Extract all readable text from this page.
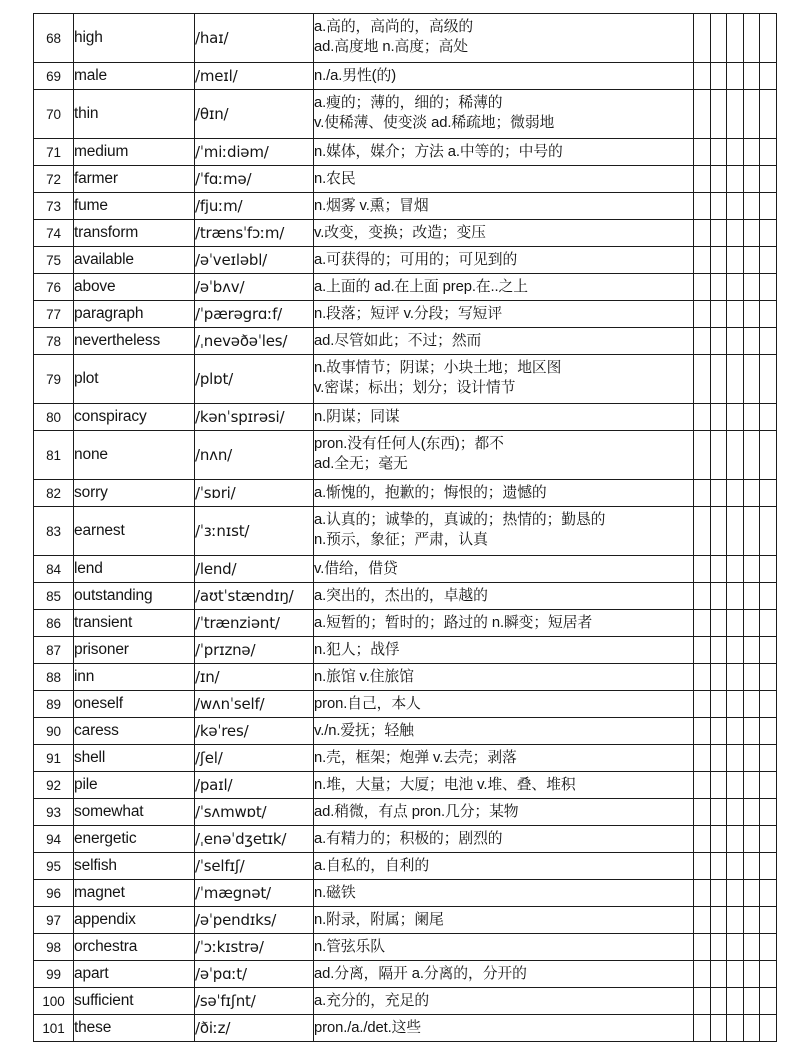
68	high	/haɪ/	a.高的，高尚的，高级的
ad.高度地 n.高度；高处					

69	male	/meɪl/	n./a.男性(的)					

70	thin	/θɪn/	a.瘦的；薄的，细的；稀薄的
v.使稀薄、使变淡 ad.稀疏地；微弱地					

71	medium	/ˈmiːdiəm/	n.媒体，媒介；方法 a.中等的；中号的					

72	farmer	/ˈfɑːmə/	n.农民					

73	fume	/fjuːm/	n.烟雾 v.熏；冒烟					

74	transform	/trænsˈfɔːm/	v.改变，变换；改造；变压					

75	available	/əˈveɪləbl/	a.可获得的；可用的；可见到的					

76	above	/əˈbʌv/	a.上面的 ad.在上面 prep.在..之上					

77	paragraph	/ˈpærəgrɑːf/	n.段落；短评 v.分段；写短评					

78	nevertheless	/ˌnevəðəˈles/	ad.尽管如此；不过；然而					

79	plot	/plɒt/	n.故事情节；阴谋；小块土地；地区图
v.密谋；标出；划分；设计情节					

80	conspiracy	/kənˈspɪrəsi/	n.阴谋；同谋					

81	none	/nʌn/	pron.没有任何人(东西)；都不
ad.全无；毫无					

82	sorry	/ˈsɒri/	a.惭愧的，抱歉的；悔恨的；遗憾的					

83	earnest	/ˈɜːnɪst/	a.认真的；诚挚的，真诚的；热情的；勤恳的
n.预示，象征；严肃，认真					

84	lend	/lend/	v.借给，借贷					

85	outstanding	/aʊtˈstændɪŋ/	a.突出的，杰出的，卓越的					

86	transient	/ˈtrænziənt/	a.短暂的；暂时的；路过的 n.瞬变；短居者					

87	prisoner	/ˈprɪznə/	n.犯人；战俘					

88	inn	/ɪn/	n.旅馆 v.住旅馆					

89	oneself	/wʌnˈself/	pron.自己，本人					

90	caress	/kəˈres/	v./n.爱抚；轻触					

91	shell	/ʃel/	n.壳，框架；炮弹 v.去壳；剥落					

92	pile	/paɪl/	n.堆，大量；大厦；电池 v.堆、叠、堆积					

93	somewhat	/ˈsʌmwɒt/	ad.稍微，有点 pron.几分；某物					

94	energetic	/ˌenəˈdʒetɪk/	a.有精力的；积极的；剧烈的					

95	selfish	/ˈselfɪʃ/	a.自私的，自利的					

96	magnet	/ˈmægnət/	n.磁铁					

97	appendix	/əˈpendɪks/	n.附录，附属；阑尾					

98	orchestra	/ˈɔːkɪstrə/	n.管弦乐队					

99	apart	/əˈpɑːt/	ad.分离，隔开 a.分离的，分开的					

100	sufficient	/səˈfɪʃnt/	a.充分的，充足的					

101	these	/ðiːz/	pron./a./det.这些					
